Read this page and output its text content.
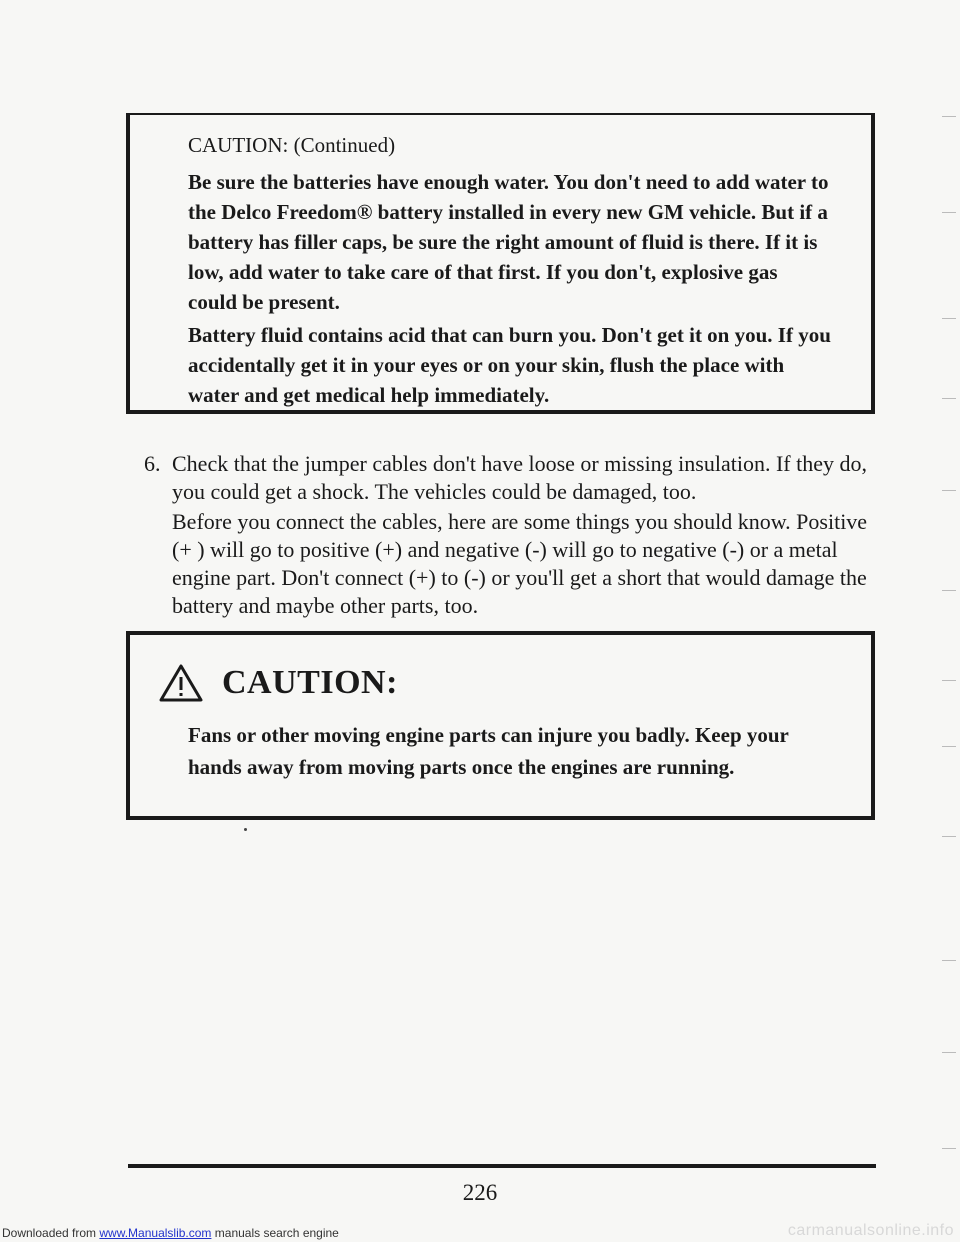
CAUTION: (Continued)
Be sure the batteries have enough water. You don't need to add water to the Delco Freedom® battery installed in every new GM vehicle. But if a battery has filler caps, be sure the right amount of fluid is there. If it is low, add water to take care of that first. If you don't, explosive gas could be present.
Battery fluid contains acid that can burn you. Don't get it on you. If you accidentally get it in your eyes or on your skin, flush the place with water and get medical help immediately.
6. Check that the jumper cables don't have loose or missing insulation. If they do, you could get a shock. The vehicles could be damaged, too.
Before you connect the cables, here are some things you should know. Positive (+ ) will go to positive (+) and negative (-) will go to negative (-) or a metal engine part. Don't connect (+) to (-) or you'll get a short that would damage the battery and maybe other parts, too.
CAUTION:
Fans or other moving engine parts can injure you badly. Keep your hands away from moving parts once the engines are running.
226
Downloaded from www.Manualslib.com manuals search engine	carmanualsonline.info
